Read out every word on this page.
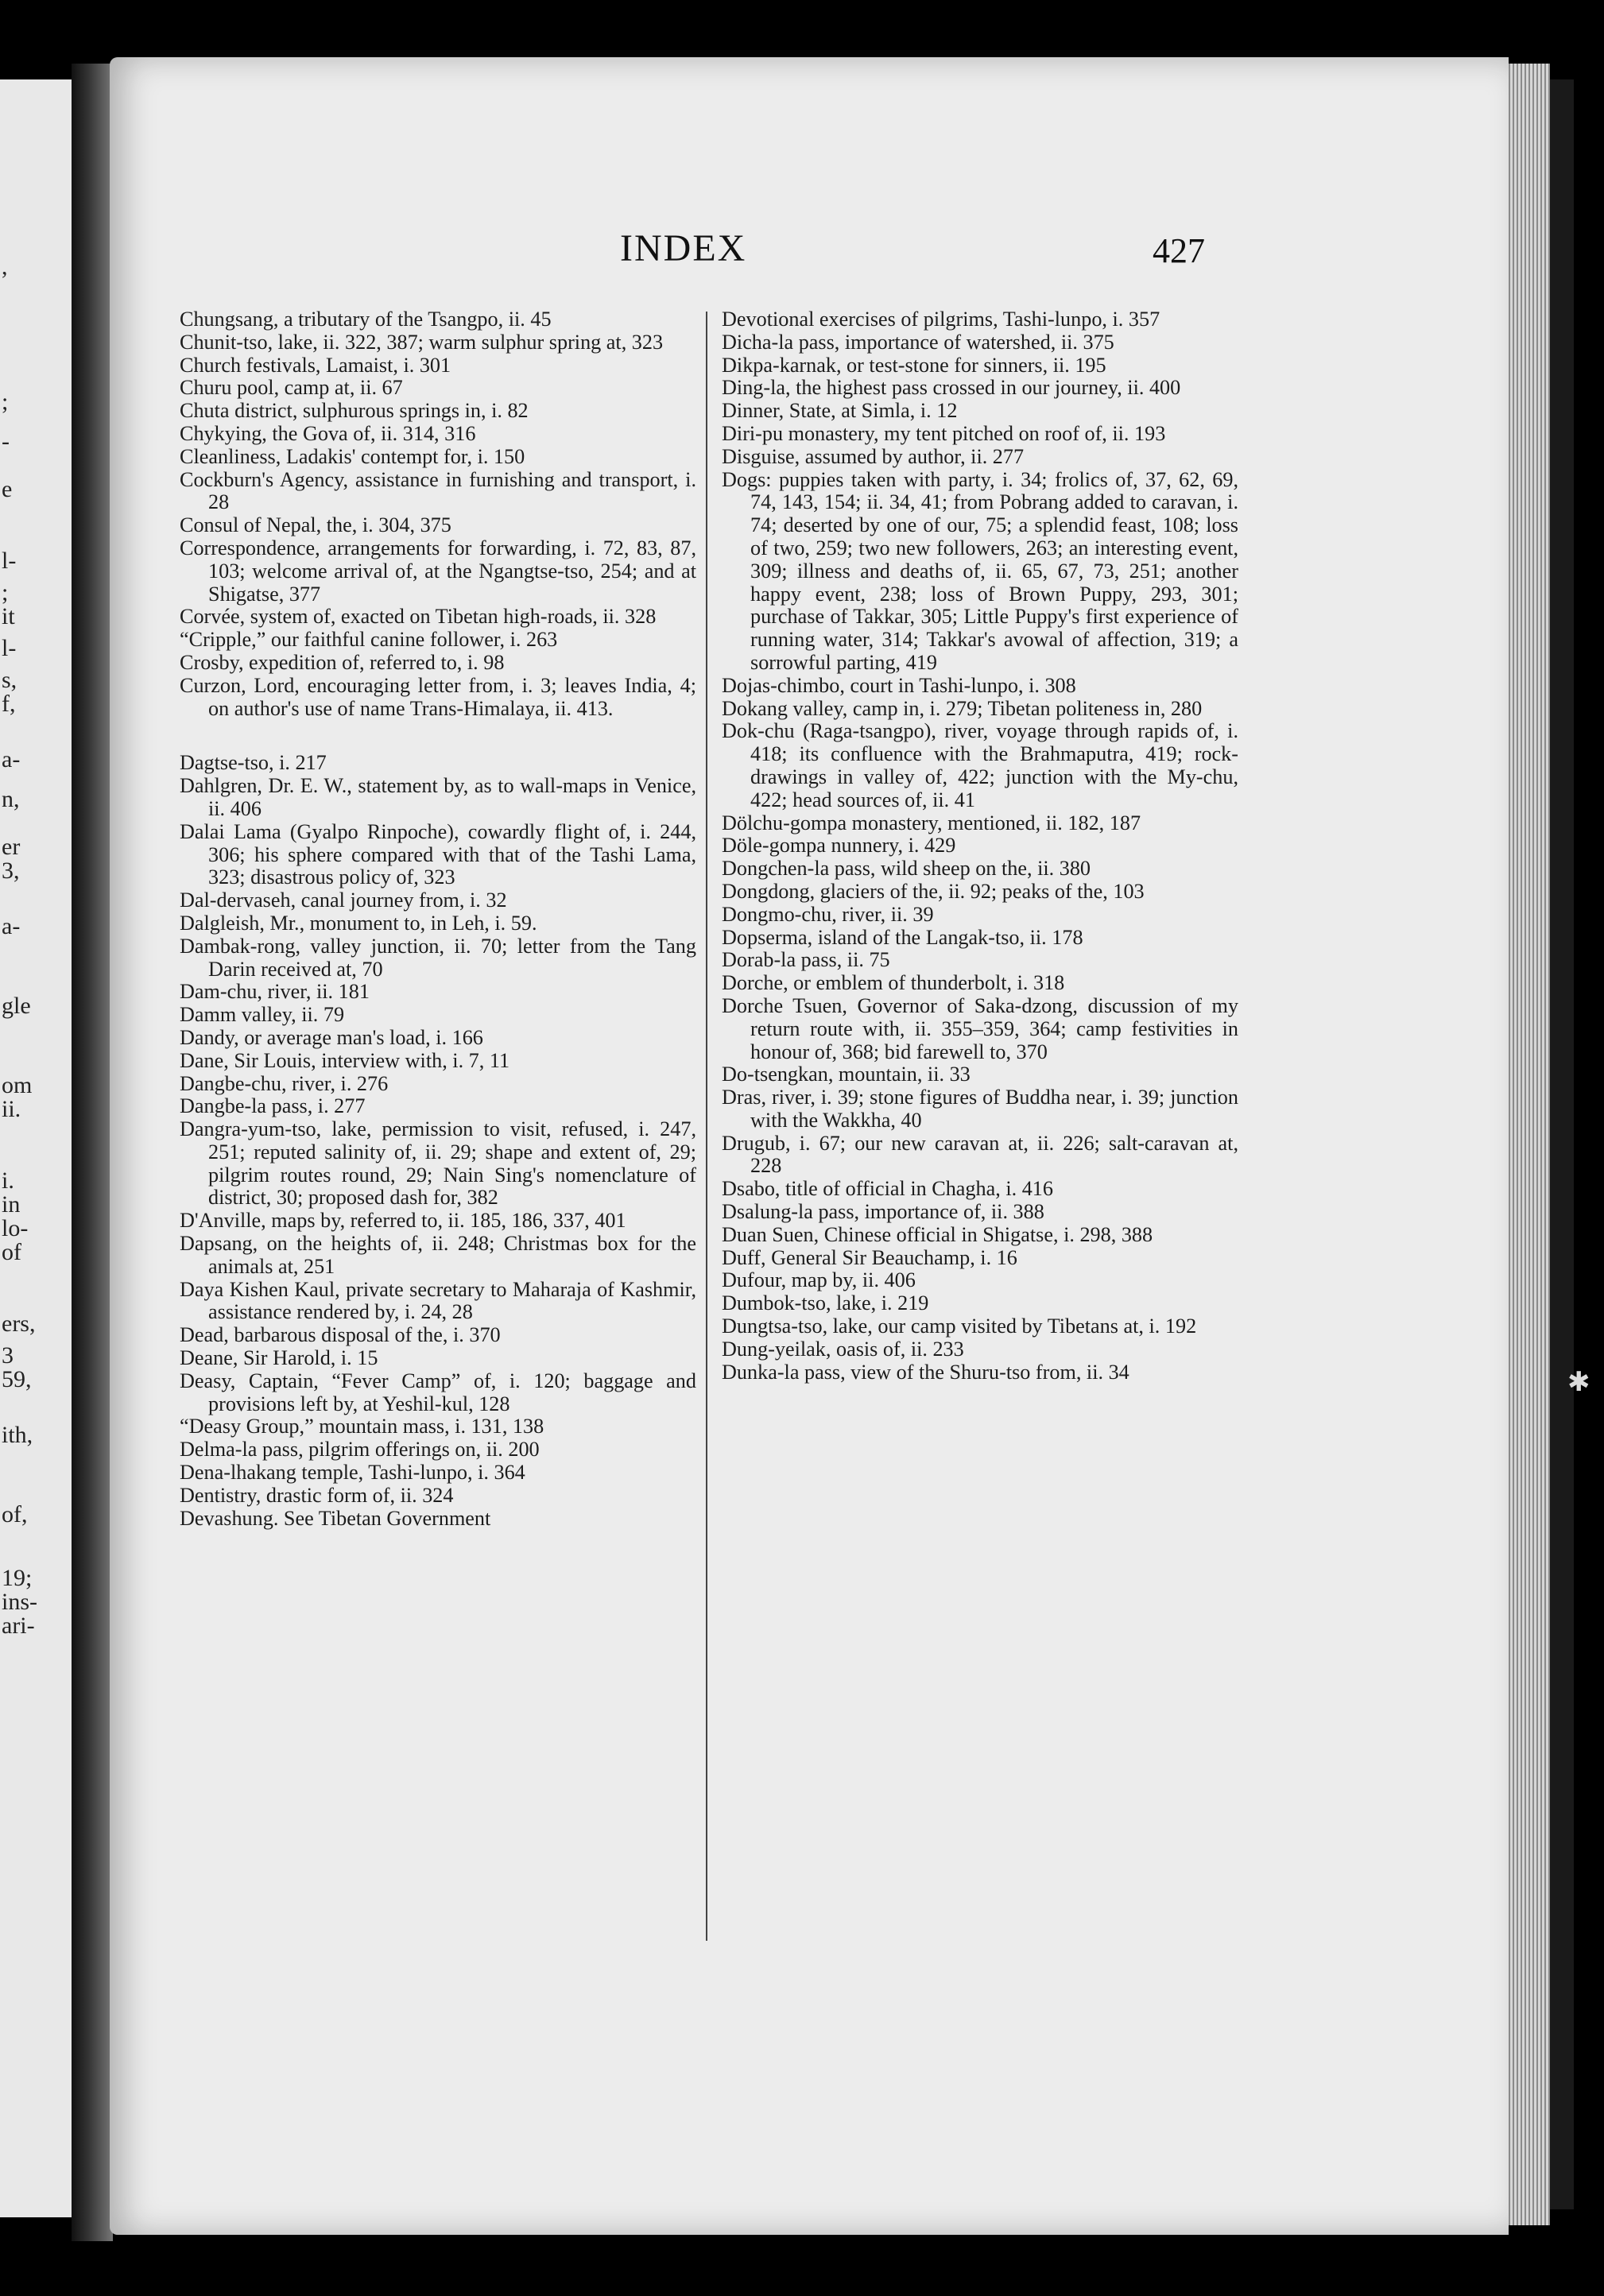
,
;
-
e
l-
;
it
l-
s,
f,
a-
n,
er
3,
a-
gle
om
ii.
i.
in
lo-
of
ers,
3
59,
ith,
of,
19;
ins-
ari-
INDEX	427

Chungsang, a tributary of the Tsangpo, ii. 45

Chunit-tso, lake, ii. 322, 387; warm sulphur spring at, 323

Church festivals, Lamaist, i. 301

Churu pool, camp at, ii. 67

Chuta district, sulphurous springs in, i. 82

Chykying, the Gova of, ii. 314, 316

Cleanliness, Ladakis' contempt for, i. 150

Cockburn's Agency, assistance in furnishing and transport, i. 28

Consul of Nepal, the, i. 304, 375

Correspondence, arrangements for forwarding, i. 72, 83, 87, 103; welcome arrival of, at the Ngangtse-tso, 254; and at Shigatse, 377

Corvée, system of, exacted on Tibetan high-roads, ii. 328

“Cripple,” our faithful canine follower, i. 263

Crosby, expedition of, referred to, i. 98

Curzon, Lord, encouraging letter from, i. 3; leaves India, 4; on author's use of name Trans-Himalaya, ii. 413.

Dagtse-tso, i. 217

Dahlgren, Dr. E. W., statement by, as to wall-maps in Venice, ii. 406

Dalai Lama (Gyalpo Rinpoche), cowardly flight of, i. 244, 306; his sphere compared with that of the Tashi Lama, 323; disastrous policy of, 323

Dal-dervaseh, canal journey from, i. 32

Dalgleish, Mr., monument to, in Leh, i. 59.

Dambak-rong, valley junction, ii. 70; letter from the Tang Darin received at, 70

Dam-chu, river, ii. 181

Damm valley, ii. 79

Dandy, or average man's load, i. 166

Dane, Sir Louis, interview with, i. 7, 11

Dangbe-chu, river, i. 276

Dangbe-la pass, i. 277

Dangra-yum-tso, lake, permission to visit, refused, i. 247, 251; reputed salinity of, ii. 29; shape and extent of, 29; pilgrim routes round, 29; Nain Sing's nomenclature of district, 30; proposed dash for, 382

D'Anville, maps by, referred to, ii. 185, 186, 337, 401

Dapsang, on the heights of, ii. 248; Christmas box for the animals at, 251

Daya Kishen Kaul, private secretary to Maharaja of Kashmir, assistance rendered by, i. 24, 28

Dead, barbarous disposal of the, i. 370

Deane, Sir Harold, i. 15

Deasy, Captain, “Fever Camp” of, i. 120; baggage and provisions left by, at Yeshil-kul, 128

“Deasy Group,” mountain mass, i. 131, 138

Delma-la pass, pilgrim offerings on, ii. 200

Dena-lhakang temple, Tashi-lunpo, i. 364

Dentistry, drastic form of, ii. 324

Devashung. See Tibetan Government

Devotional exercises of pilgrims, Tashi-lunpo, i. 357

Dicha-la pass, importance of watershed, ii. 375

Dikpa-karnak, or test-stone for sinners, ii. 195

Ding-la, the highest pass crossed in our journey, ii. 400

Dinner, State, at Simla, i. 12

Diri-pu monastery, my tent pitched on roof of, ii. 193

Disguise, assumed by author, ii. 277

Dogs: puppies taken with party, i. 34; frolics of, 37, 62, 69, 74, 143, 154; ii. 34, 41; from Pobrang added to caravan, i. 74; deserted by one of our, 75; a splendid feast, 108; loss of two, 259; two new followers, 263; an interesting event, 309; illness and deaths of, ii. 65, 67, 73, 251; another happy event, 238; loss of Brown Puppy, 293, 301; purchase of Takkar, 305; Little Puppy's first experience of running water, 314; Takkar's avowal of affection, 319; a sorrowful parting, 419

Dojas-chimbo, court in Tashi-lunpo, i. 308

Dokang valley, camp in, i. 279; Tibetan politeness in, 280

Dok-chu (Raga-tsangpo), river, voyage through rapids of, i. 418; its confluence with the Brahmaputra, 419; rock-drawings in valley of, 422; junction with the My-chu, 422; head sources of, ii. 41

Dölchu-gompa monastery, mentioned, ii. 182, 187

Döle-gompa nunnery, i. 429

Dongchen-la pass, wild sheep on the, ii. 380

Dongdong, glaciers of the, ii. 92; peaks of the, 103

Dongmo-chu, river, ii. 39

Dopserma, island of the Langak-tso, ii. 178

Dorab-la pass, ii. 75

Dorche, or emblem of thunderbolt, i. 318

Dorche Tsuen, Governor of Saka-dzong, discussion of my return route with, ii. 355–359, 364; camp festivities in honour of, 368; bid farewell to, 370

Do-tsengkan, mountain, ii. 33

Dras, river, i. 39; stone figures of Buddha near, i. 39; junction with the Wakkha, 40

Drugub, i. 67; our new caravan at, ii. 226; salt-caravan at, 228

Dsabo, title of official in Chagha, i. 416

Dsalung-la pass, importance of, ii. 388

Duan Suen, Chinese official in Shigatse, i. 298, 388

Duff, General Sir Beauchamp, i. 16

Dufour, map by, ii. 406

Dumbok-tso, lake, i. 219

Dungtsa-tso, lake, our camp visited by Tibetans at, i. 192

Dung-yeilak, oasis of, ii. 233

Dunka-la pass, view of the Shuru-tso from, ii. 34	✱
